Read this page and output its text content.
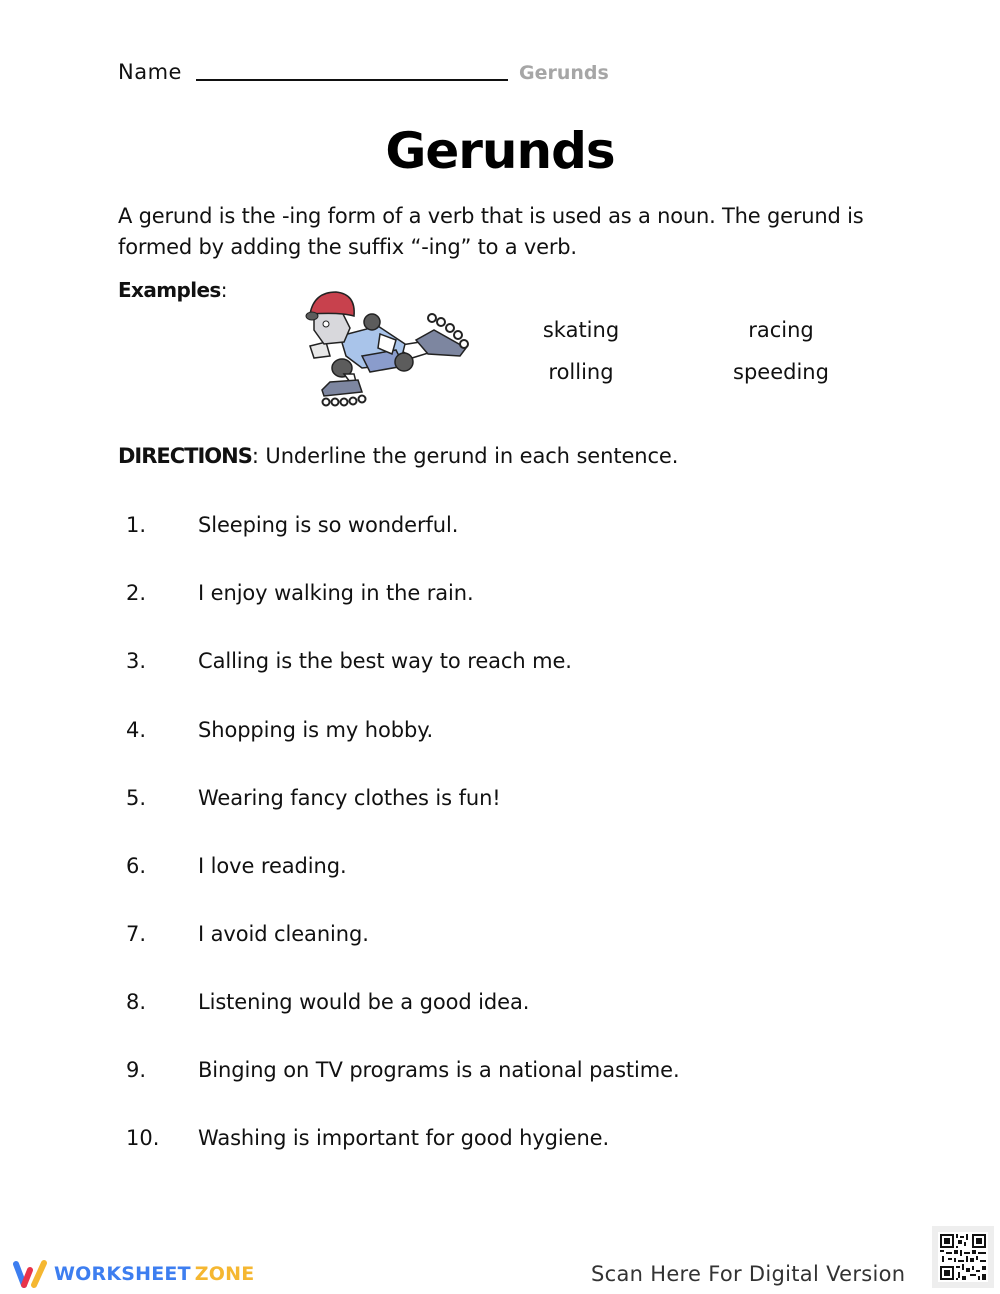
Name	Gerunds
Gerunds
A gerund is the -ing form of a verb that is used as a noun. The gerund is formed by adding the suffix “-ing” to a verb.
Examples:
skating	racing
rolling	speeding
DIRECTIONS: Underline the gerund in each sentence.
1. Sleeping is so wonderful.
2. I enjoy walking in the rain.
3. Calling is the best way to reach me.
4. Shopping is my hobby.
5. Wearing fancy clothes is fun!
6. I love reading.
7. I avoid cleaning.
8. Listening would be a good idea.
9. Binging on TV programs is a national pastime.
10. Washing is important for good hygiene.
WORKSHEET ZONE	Scan Here For Digital Version
